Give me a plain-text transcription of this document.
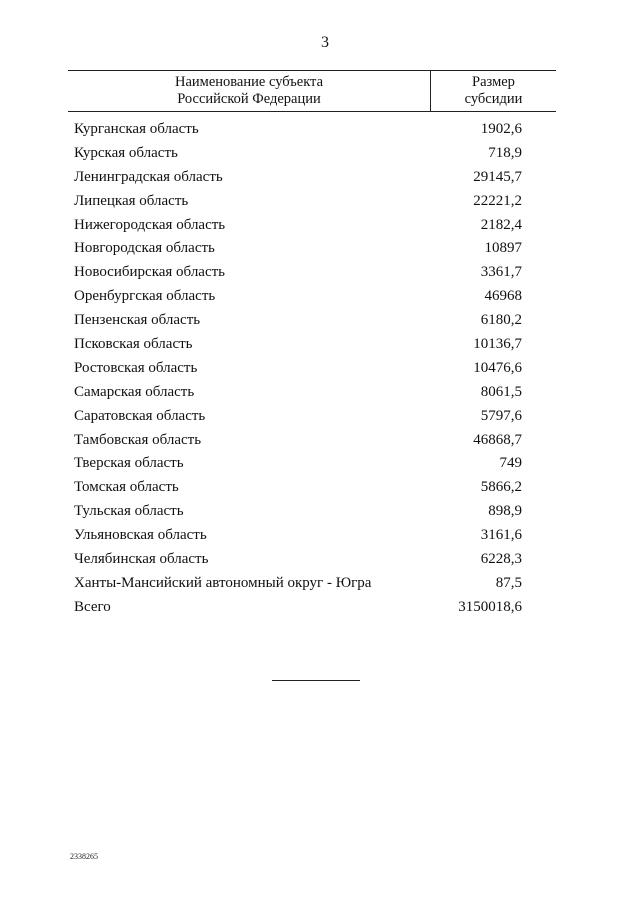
3
Наименование субъекта
Российской Федерации
Размер
субсидии
Курганская область	1902,6
Курская область	718,9
Ленинградская область	29145,7
Липецкая область	22221,2
Нижегородская область	2182,4
Новгородская область	10897
Новосибирская область	3361,7
Оренбургская область	46968
Пензенская область	6180,2
Псковская область	10136,7
Ростовская область	10476,6
Самарская область	8061,5
Саратовская область	5797,6
Тамбовская область	46868,7
Тверская область	749
Томская область	5866,2
Тульская область	898,9
Ульяновская область	3161,6
Челябинская область	6228,3
Ханты-Мансийский автономный округ - Югра	87,5
Всего	3150018,6
2338265
